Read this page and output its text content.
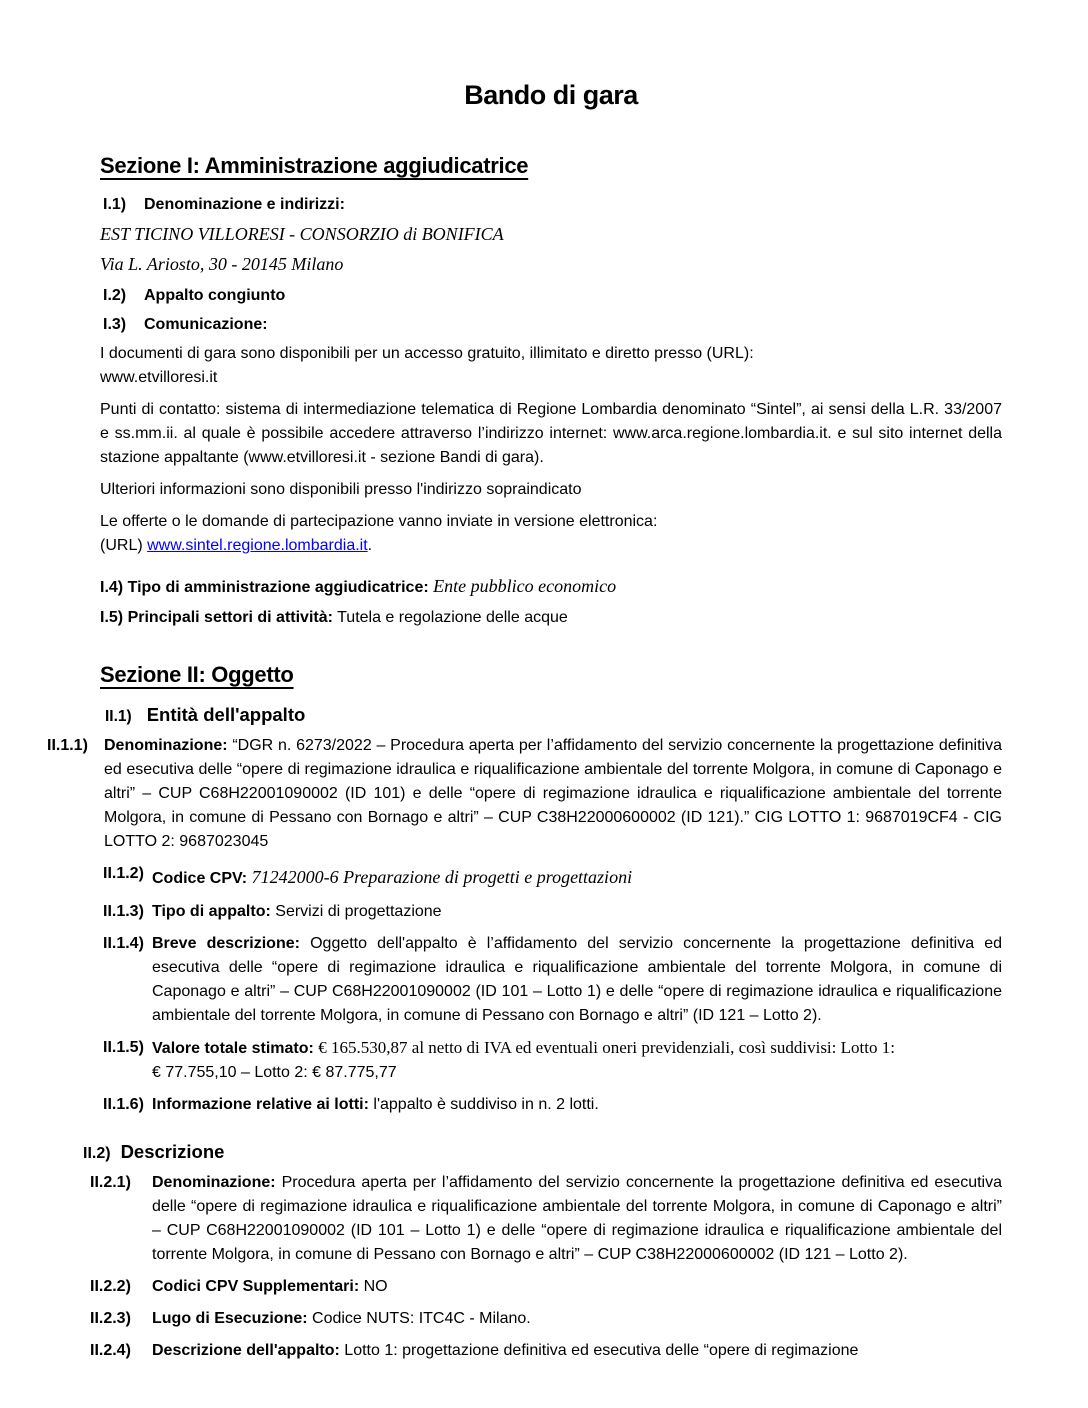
Bando di gara
Sezione I: Amministrazione aggiudicatrice
I.1) Denominazione e indirizzi:

EST TICINO VILLORESI - CONSORZIO di BONIFICA

Via L. Ariosto, 30 - 20145 Milano

I.2) Appalto congiunto
I.3) Comunicazione:

I documenti di gara sono disponibili per un accesso gratuito, illimitato e diretto presso (URL):
www.etvilloresi.it

Punti di contatto: sistema di intermediazione telematica di Regione Lombardia denominato “Sintel”, ai sensi della L.R. 33/2007 e ss.mm.ii. al quale è possibile accedere attraverso l’indirizzo internet: www.arca.regione.lombardia.it. e sul sito internet della stazione appaltante (www.etvilloresi.it - sezione Bandi di gara).

Ulteriori informazioni sono disponibili presso l'indirizzo sopraindicato

Le offerte o le domande di partecipazione vanno inviate in versione elettronica:
(URL) www.sintel.regione.lombardia.it.

I.4) Tipo di amministrazione aggiudicatrice: Ente pubblico economico
I.5) Principali settori di attività: Tutela e regolazione delle acque
Sezione II: Oggetto
II.1) Entità dell'appalto
II.1.1) Denominazione: “DGR n. 6273/2022 – Procedura aperta per l’affidamento del servizio concernente la progettazione definitiva ed esecutiva delle “opere di regimazione idraulica e riqualificazione ambientale del torrente Molgora, in comune di Caponago e altri” – CUP C68H22001090002 (ID 101) e delle “opere di regimazione idraulica e riqualificazione ambientale del torrente Molgora, in comune di Pessano con Bornago e altri” – CUP C38H22000600002 (ID 121).” CIG LOTTO 1: 9687019CF4 - CIG LOTTO 2: 9687023045
II.1.2) Codice CPV: 71242000-6 Preparazione di progetti e progettazioni
II.1.3) Tipo di appalto: Servizi di progettazione
II.1.4) Breve descrizione: Oggetto dell'appalto è l’affidamento del servizio concernente la progettazione definitiva ed esecutiva delle “opere di regimazione idraulica e riqualificazione ambientale del torrente Molgora, in comune di Caponago e altri” – CUP C68H22001090002 (ID 101 – Lotto 1) e delle “opere di regimazione idraulica e riqualificazione ambientale del torrente Molgora, in comune di Pessano con Bornago e altri” (ID 121 – Lotto 2).
II.1.5) Valore totale stimato: € 165.530,87 al netto di IVA ed eventuali oneri previdenziali, così suddivisi: Lotto 1:
€ 77.755,10 – Lotto 2: € 87.775,77
II.1.6) Informazione relative ai lotti: l'appalto è suddiviso in n. 2 lotti.
II.2) Descrizione
II.2.1) Denominazione: Procedura aperta per l’affidamento del servizio concernente la progettazione definitiva ed esecutiva delle “opere di regimazione idraulica e riqualificazione ambientale del torrente Molgora, in comune di Caponago e altri” – CUP C68H22001090002 (ID 101 – Lotto 1) e delle “opere di regimazione idraulica e riqualificazione ambientale del torrente Molgora, in comune di Pessano con Bornago e altri” – CUP C38H22000600002 (ID 121 – Lotto 2).
II.2.2) Codici CPV Supplementari: NO
II.2.3) Lugo di Esecuzione: Codice NUTS: ITC4C - Milano.
II.2.4) Descrizione dell'appalto: Lotto 1: progettazione definitiva ed esecutiva delle “opere di regimazione
